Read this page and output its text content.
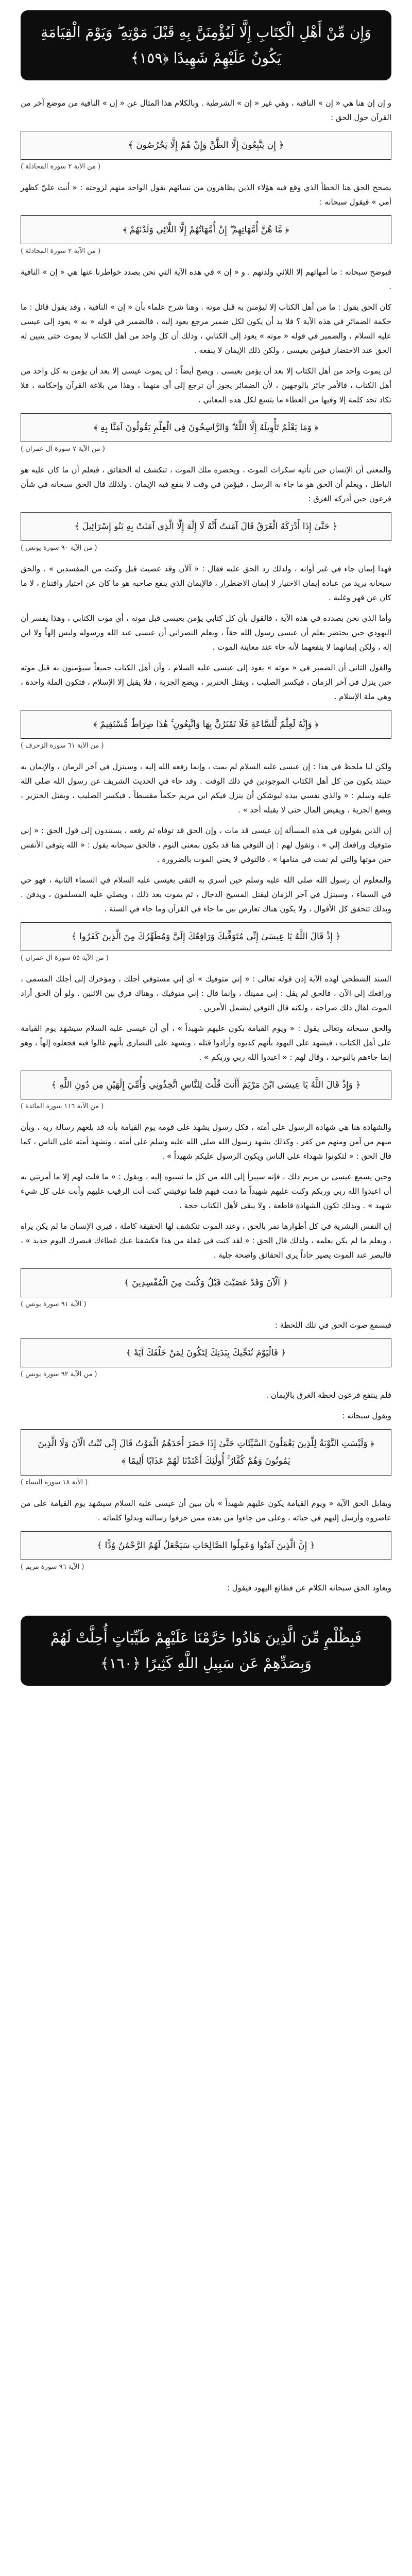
وَإِن مِّنْ أَهْلِ الْكِتَابِ إِلَّا لَيُؤْمِنَنَّ بِهِ قَبْلَ مَوْتِهِ ۖ وَيَوْمَ الْقِيَامَةِ يَكُونُ عَلَيْهِمْ شَهِيدًا ﴿١٥٩﴾
و إن إن هنا هي « إن » النافية ، وهي غير « إن » الشرطية . وبالكلام هذا المثال عن « إن » النافية من موضع آخر من القرآن حول الحق :
﴿ إِن يَتَّبِعُونَ إِلَّا الظَّنَّ وَإِنْ هُمْ إِلَّا يَخْرُصُونَ ﴾
( من الآية ٢ سورة المجادلة )
يصحح الحق هنا الخطأ الذي وقع فيه هؤلاء الذين يظاهرون من نسائهم بقول الواحد منهم لزوجته : « أنت عليّ كظهر أمي » فيقول سبحانه :
﴿ مَّا هُنَّ أُمَّهَاتِهِمْ ۖ إِنْ أُمَّهَاتُهُمْ إِلَّا اللَّائِي وَلَدْنَهُمْ ﴾
( من الآية ٢ سورة المجادلة )
فيوضح سبحانه : ما أمهاتهم إلا اللائي ولدنهم . و « إن » في هذه الآية التي نحن بصدد خواطرنا عنها هي « إن » النافية .
كان الحق يقول : ما من أهل الكتاب إلا ليؤمنن به قبل موته . وهنا شرح علماء بأن « إن » النافية ، وقد يقول قائل : ما حكمة الضمائر في هذه الآية ؟ فلا بد أن يكون لكل ضمير مرجع يعود إليه ، فالضمير في قوله « به » يعود إلى عيسى عليه السلام ، والضمير في قوله « موته » يعود إلى الكتابي ، وذلك أن كل واحد من أهل الكتاب لا يموت حتى يتبين له الحق عند الاحتضار فيؤمن بعيسى ، ولكن ذلك الإيمان لا ينفعه .
لن يموت واحد من أهل الكتاب إلا بعد أن يؤمن بعيسى . ويصح أيضاً : لن يموت عيسى إلا بعد أن يؤمن به كل واحد من أهل الكتاب ، فالأمر جائز بالوجهين ، لأن الضمائر يجوز أن ترجع إلى أي منهما ، وهذا من بلاغة القرآن وإحكامه ، فلا تكاد تجد كلمة إلا وفيها من العطاء ما يتسع لكل هذه المعاني .
﴿ وَمَا يَعْلَمُ تَأْوِيلَهُ إِلَّا اللَّهُ ۗ وَالرَّاسِخُونَ فِي الْعِلْمِ يَقُولُونَ آمَنَّا بِهِ ﴾
( من الآية ٧ سورة آل عمران )
والمعنى أن الإنسان حين تأتيه سكرات الموت ، ويحضره ملك الموت ، تنكشف له الحقائق ، فيعلم أن ما كان عليه هو الباطل ، ويعلم أن الحق هو ما جاء به الرسل ، فيؤمن في وقت لا ينفع فيه الإيمان . ولذلك قال الحق سبحانه في شأن فرعون حين أدركه الغرق :
﴿ حَتَّىٰ إِذَا أَدْرَكَهُ الْغَرَقُ قَالَ آمَنتُ أَنَّهُ لَا إِلَٰهَ إِلَّا الَّذِي آمَنَتْ بِهِ بَنُو إِسْرَائِيلَ ﴾
( من الآية ٩٠ سورة يونس )
فهذا إيمان جاء في غير أوانه ، ولذلك رد الحق عليه فقال : « آلآن وقد عصيت قبل وكنت من المفسدين » . والحق سبحانه يريد من عباده إيمان الاختيار لا إيمان الاضطرار ، فالإيمان الذي ينفع صاحبه هو ما كان عن اختيار واقتناع ، لا ما كان عن قهر وغلبة .
وأما الذي نحن بصدده في هذه الآية ، فالقول بأن كل كتابي يؤمن بعيسى قبل موته ، أي موت الكتابي ، وهذا يفسر أن اليهودي حين يحتضر يعلم أن عيسى رسول الله حقاً ، ويعلم النصراني أن عيسى عبد الله ورسوله وليس إلهاً ولا ابن إله ، ولكن إيمانهما لا ينفعهما لأنه جاء عند معاينة الموت .
والقول الثاني أن الضمير في « موته » يعود إلى عيسى عليه السلام ، وأن أهل الكتاب جميعاً سيؤمنون به قبل موته حين ينزل في آخر الزمان ، فيكسر الصليب ، ويقتل الخنزير ، ويضع الجزية ، فلا يقبل إلا الإسلام ، فتكون الملة واحدة ، وهي ملة الإسلام .
﴿ وَإِنَّهُ لَعِلْمٌ لِّلسَّاعَةِ فَلَا تَمْتَرُنَّ بِهَا وَاتَّبِعُونِ ۚ هَٰذَا صِرَاطٌ مُّسْتَقِيمٌ ﴾
( من الآية ٦١ سورة الزخرف )
ولكن لنا ملحظ في هذا : إن عيسى عليه السلام لم يمت ، وإنما رفعه الله إليه ، وسينزل في آخر الزمان ، والإيمان به حينئذ يكون من كل أهل الكتاب الموجودين في ذلك الوقت . وقد جاء في الحديث الشريف عن رسول الله صلى الله عليه وسلم : « والذي نفسي بيده ليوشكن أن ينزل فيكم ابن مريم حكماً مقسطاً ، فيكسر الصليب ، ويقتل الخنزير ، ويضع الجزية ، ويفيض المال حتى لا يقبله أحد » .
إن الذين يقولون في هذه المسألة إن عيسى قد مات ، وإن الحق قد توفاه ثم رفعه ، يستندون إلى قول الحق : « إني متوفيك ورافعك إلي » ، ونقول لهم : إن التوفي هنا قد يكون بمعنى النوم ، فالحق سبحانه يقول : « الله يتوفى الأنفس حين موتها والتي لم تمت في منامها » ، فالتوفي لا يعني الموت بالضرورة .
والمعلوم أن رسول الله صلى الله عليه وسلم حين أسري به التقى بعيسى عليه السلام في السماء الثانية ، فهو حي في السماء ، وسينزل في آخر الزمان ليقتل المسيح الدجال ، ثم يموت بعد ذلك ، ويصلي عليه المسلمون ، ويدفن . وبذلك تتحقق كل الأقوال ، ولا يكون هناك تعارض بين ما جاء في القرآن وما جاء في السنة .
﴿ إِذْ قَالَ اللَّهُ يَا عِيسَىٰ إِنِّي مُتَوَفِّيكَ وَرَافِعُكَ إِلَيَّ وَمُطَهِّرُكَ مِنَ الَّذِينَ كَفَرُوا ﴾
( من الآية ٥٥ سورة آل عمران )
السند الشطحي لهذه الآية إذن قوله تعالى : « إني متوفيك » أي إني مستوفي أجلك ، ومؤخرك إلى أجلك المسمى ، ورافعك إلي الآن ، فالحق لم يقل : إني مميتك ، وإنما قال : إني متوفيك ، وهناك فرق بين الاثنين . ولو أن الحق أراد الموت لقال ذلك صراحة ، ولكنه قال التوفي ليشمل الأمرين .
والحق سبحانه وتعالى يقول : « ويوم القيامة يكون عليهم شهيداً » ، أي أن عيسى عليه السلام سيشهد يوم القيامة على أهل الكتاب ، فيشهد على اليهود بأنهم كذبوه وأرادوا قتله ، ويشهد على النصارى بأنهم غالوا فيه فجعلوه إلهاً ، وهو إنما جاءهم بالتوحيد ، وقال لهم : « اعبدوا الله ربي وربكم » .
﴿ وَإِذْ قَالَ اللَّهُ يَا عِيسَى ابْنَ مَرْيَمَ أَأَنتَ قُلْتَ لِلنَّاسِ اتَّخِذُونِي وَأُمِّيَ إِلَٰهَيْنِ مِن دُونِ اللَّهِ ﴾
( من الآية ١١٦ سورة المائدة )
والشهادة هنا هي شهادة الرسول على أمته ، فكل رسول يشهد على قومه يوم القيامة بأنه قد بلغهم رسالة ربه ، وبأن منهم من آمن ومنهم من كفر . وكذلك يشهد رسول الله صلى الله عليه وسلم على أمته ، وتشهد أمته على الناس ، كما قال الحق : « لتكونوا شهداء على الناس ويكون الرسول عليكم شهيداً » .
وحين يسمع عيسى بن مريم ذلك ، فإنه سيبرأ إلى الله من كل ما نسبوه إليه ، ويقول : « ما قلت لهم إلا ما أمرتني به أن اعبدوا الله ربي وربكم وكنت عليهم شهيداً ما دمت فيهم فلما توفيتني كنت أنت الرقيب عليهم وأنت على كل شيء شهيد » . وبذلك تكون الشهادة قاطعة ، ولا يبقى لأهل الكتاب حجة .
إن النفس البشرية في كل أطوارها تمر بالحق ، وعند الموت تنكشف لها الحقيقة كاملة ، فيرى الإنسان ما لم يكن يراه ، ويعلم ما لم يكن يعلمه ، ولذلك قال الحق : « لقد كنت في غفلة من هذا فكشفنا عنك غطاءك فبصرك اليوم حديد » ، فالبصر عند الموت يصير حاداً يرى الحقائق واضحة جلية .
﴿ آلْآنَ وَقَدْ عَصَيْتَ قَبْلُ وَكُنتَ مِنَ الْمُفْسِدِينَ ﴾
( الآية ٩١ سورة يونس )
فيسمع صوت الحق في تلك اللحظة :
﴿ فَالْيَوْمَ نُنَجِّيكَ بِبَدَنِكَ لِتَكُونَ لِمَنْ خَلْفَكَ آيَةً ﴾
( من الآية ٩٢ سورة يونس )
فلم ينتفع فرعون لحظة الغرق بالإيمان .
ويقول سبحانه :
﴿ وَلَيْسَتِ التَّوْبَةُ لِلَّذِينَ يَعْمَلُونَ السَّيِّئَاتِ حَتَّىٰ إِذَا حَضَرَ أَحَدَهُمُ الْمَوْتُ قَالَ إِنِّي تُبْتُ الْآنَ وَلَا الَّذِينَ يَمُوتُونَ وَهُمْ كُفَّارٌ ۚ أُولَٰئِكَ أَعْتَدْنَا لَهُمْ عَذَابًا أَلِيمًا ﴾
( الآية ١٨ سورة النساء )
ويقابل الحق الآية « ويوم القيامة يكون عليهم شهيداً » بأن يبين أن عيسى عليه السلام سيشهد يوم القيامة على من عاصروه وأرسل إليهم في حياته ، وعلى من جاءوا من بعده ممن حرفوا رسالته وبدلوا كلماته .
﴿ إِنَّ الَّذِينَ آمَنُوا وَعَمِلُوا الصَّالِحَاتِ سَيَجْعَلُ لَهُمُ الرَّحْمَٰنُ وُدًّا ﴾
( الآية ٩٦ سورة مريم )
ويعاود الحق سبحانه الكلام عن فظائع اليهود فيقول :
فَبِظُلْمٍ مِّنَ الَّذِينَ هَادُوا حَرَّمْنَا عَلَيْهِمْ طَيِّبَاتٍ أُحِلَّتْ لَهُمْ وَبِصَدِّهِمْ عَن سَبِيلِ اللَّهِ كَثِيرًا ﴿١٦٠﴾
